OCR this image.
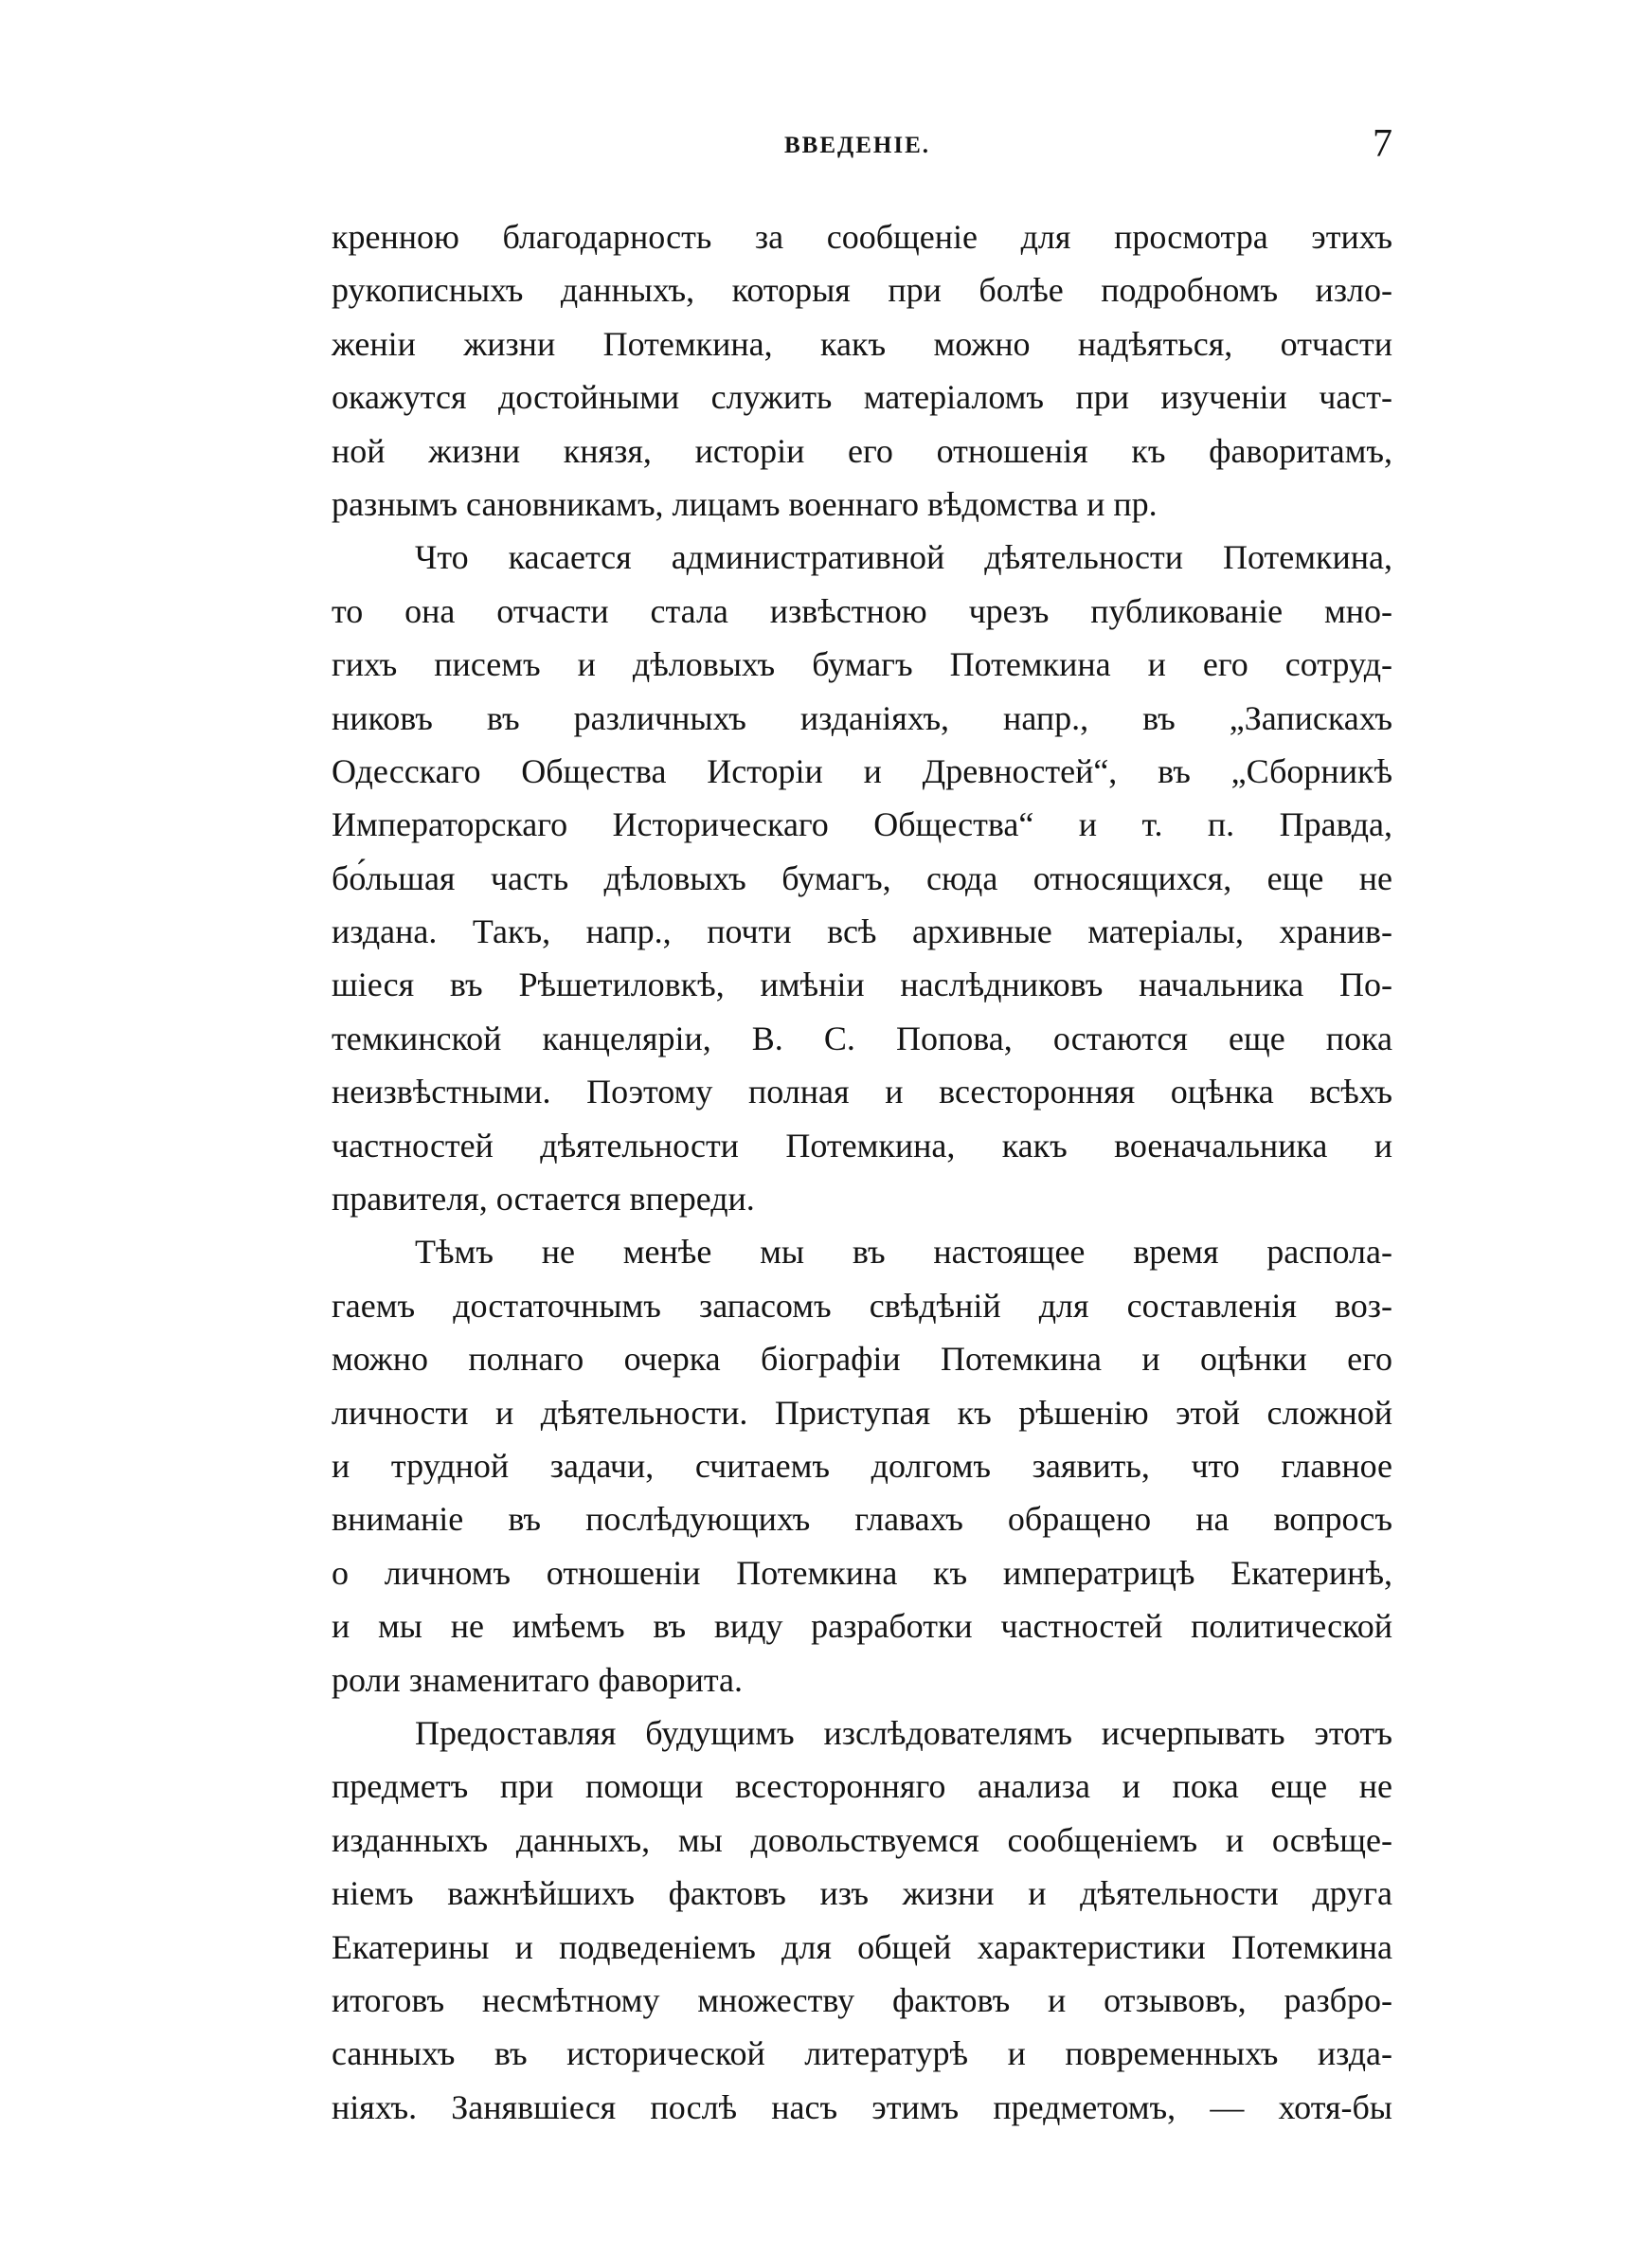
ВВЕДЕНІЕ.	7
кренною благодарность за сообщеніе для просмотра этихъ
рукописныхъ данныхъ, которыя при болѣе подробномъ изло-
женіи жизни Потемкина, какъ можно надѣяться, отчасти
окажутся достойными служить матеріаломъ при изученіи част-
ной жизни князя, исторіи его отношенія къ фаворитамъ,
разнымъ сановникамъ, лицамъ военнаго вѣдомства и пр.
Что касается административной дѣятельности Потемкина,
то она отчасти стала извѣстною чрезъ публикованіе мно-
гихъ писемъ и дѣловыхъ бумагъ Потемкина и его сотруд-
никовъ въ различныхъ изданіяхъ, напр., въ „Запискахъ
Одесскаго Общества Исторіи и Древностей“, въ „Сборникѣ
Императорскаго Историческаго Общества“ и т. п. Правда,
бо́льшая часть дѣловыхъ бумагъ, сюда относящихся, еще не
издана. Такъ, напр., почти всѣ архивные матеріалы, хранив-
шіеся въ Рѣшетиловкѣ, имѣніи наслѣдниковъ начальника По-
темкинской канцеляріи, В. С. Попова, остаются еще пока
неизвѣстными. Поэтому полная и всесторонняя оцѣнка всѣхъ
частностей дѣятельности Потемкина, какъ военачальника и
правителя, остается впереди.
Тѣмъ не менѣе мы въ настоящее время распола-
гаемъ достаточнымъ запасомъ свѣдѣній для составленія воз-
можно полнаго очерка біографіи Потемкина и оцѣнки его
личности и дѣятельности. Приступая къ рѣшенію этой сложной
и трудной задачи, считаемъ долгомъ заявить, что главное
вниманіе въ послѣдующихъ главахъ обращено на вопросъ
о личномъ отношеніи Потемкина къ императрицѣ Екатеринѣ,
и мы не имѣемъ въ виду разработки частностей политической
роли знаменитаго фаворита.
Предоставляя будущимъ изслѣдователямъ исчерпывать этотъ
предметъ при помощи всесторонняго анализа и пока еще не
изданныхъ данныхъ, мы довольствуемся сообщеніемъ и освѣще-
ніемъ важнѣйшихъ фактовъ изъ жизни и дѣятельности друга
Екатерины и подведеніемъ для общей характеристики Потемкина
итоговъ несмѣтному множеству фактовъ и отзывовъ, разбро-
санныхъ въ исторической литературѣ и повременныхъ изда-
ніяхъ. Занявшіеся послѣ насъ этимъ предметомъ, — хотя-бы
